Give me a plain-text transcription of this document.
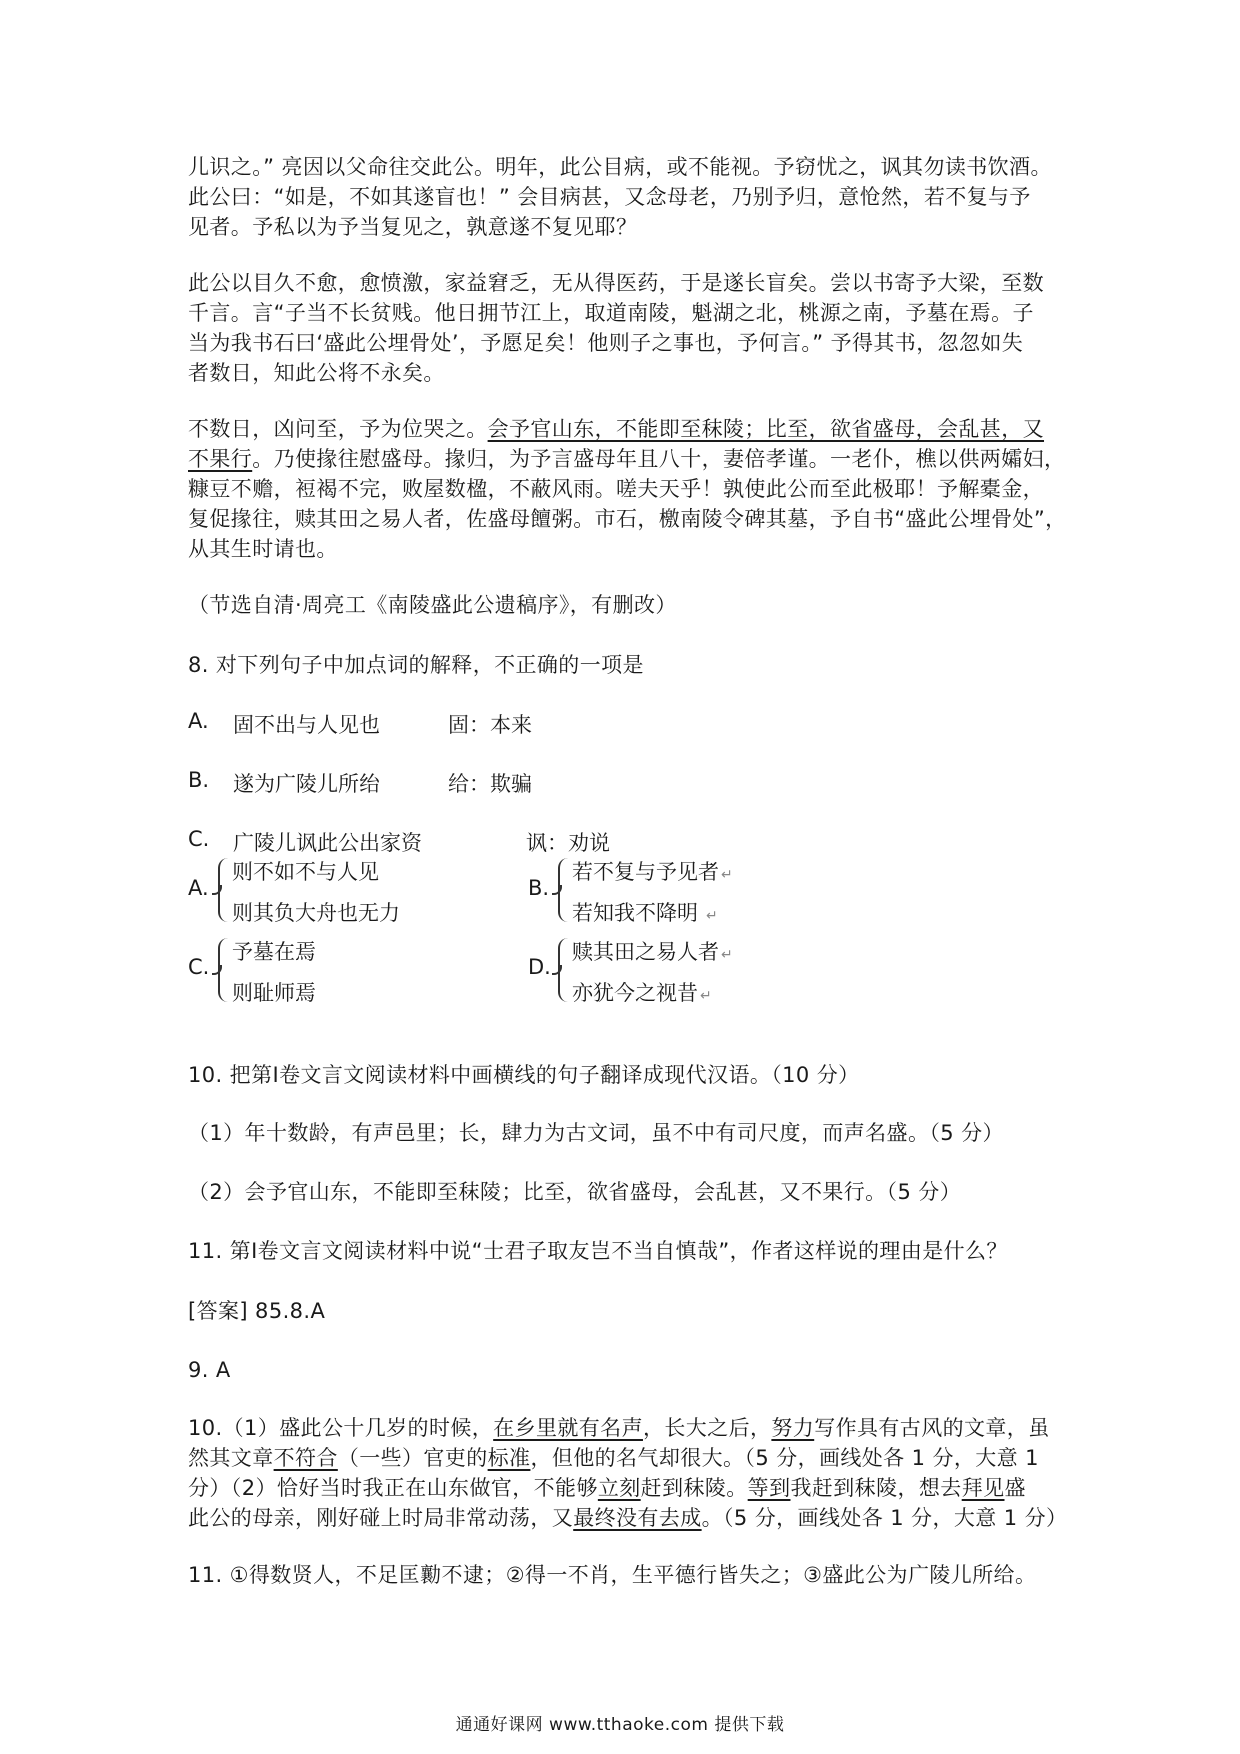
儿识之。” 亮因以父命往交此公。明年，此公目病，或不能视。予窃忧之，讽其勿读书饮酒。
此公曰：“如是，不如其遂盲也！” 会目病甚，又念母老，乃别予归，意怆然，若不复与予
见者。予私以为予当复见之，孰意遂不复见耶？
此公以目久不愈，愈愤激，家益窘乏，无从得医药，于是遂长盲矣。尝以书寄予大梁，至数
千言。言“子当不长贫贱。他日拥节江上，取道南陵，魁湖之北，桃源之南，予墓在焉。子
当为我书石曰‘盛此公埋骨处’，予愿足矣！他则子之事也，予何言。” 予得其书，忽忽如失
者数日，知此公将不永矣。
不数日，凶问至，予为位哭之。会予官山东，不能即至秣陵；比至，欲省盛母，会乱甚，又
不果行。乃使掾往慰盛母。掾归，为予言盛母年且八十，妻倍孝谨。一老仆，樵以供两孀妇，
糠豆不赡，裋褐不完，败屋数楹，不蔽风雨。嗟夫天乎！孰使此公而至此极耶！予解橐金，
复促掾往，赎其田之易人者，佐盛母饘粥。市石，檄南陵令碑其墓，予自书“盛此公埋骨处”，
从其生时请也。
（节选自清·周亮工《南陵盛此公遗稿序》，有删改）
8. 对下列句子中加点词的解释，不正确的一项是
A. 固不出与人见也	固：本来
B. 遂为广陵儿所绐	给：欺骗
C. 广陵儿讽此公出家资	讽：劝说
A.
则不如不与人见
则其负大舟也无力
B.
若不复与予见者 ↵
若知我不降明 ↵
C.
予墓在焉
则耻师焉
D.
赎其田之易人者 ↵
亦犹今之视昔 ↵
10. 把第Ⅰ卷文言文阅读材料中画横线的句子翻译成现代汉语。（10 分）
（1）年十数龄，有声邑里；长，肆力为古文词，虽不中有司尺度，而声名盛。（5 分）
（2）会予官山东，不能即至秣陵；比至，欲省盛母，会乱甚，又不果行。（5 分）
11. 第Ⅰ卷文言文阅读材料中说“士君子取友岂不当自慎哉”，作者这样说的理由是什么？
[答案] 85.8.A
9. A
10.（1）盛此公十几岁的时候，在乡里就有名声，长大之后，努力写作具有古风的文章，虽
然其文章不符合（一些）官吏的标准，但他的名气却很大。（5 分，画线处各 1 分，大意 1
分）（2）恰好当时我正在山东做官，不能够立刻赶到秣陵。等到我赶到秣陵，想去拜见盛
此公的母亲，刚好碰上时局非常动荡，又最终没有去成。（5 分，画线处各 1 分，大意 1 分）
11. ①得数贤人，不足匡勷不逮；②得一不肖，生平德行皆失之；③盛此公为广陵儿所给。
通通好课网 www.tthaoke.com 提供下载
